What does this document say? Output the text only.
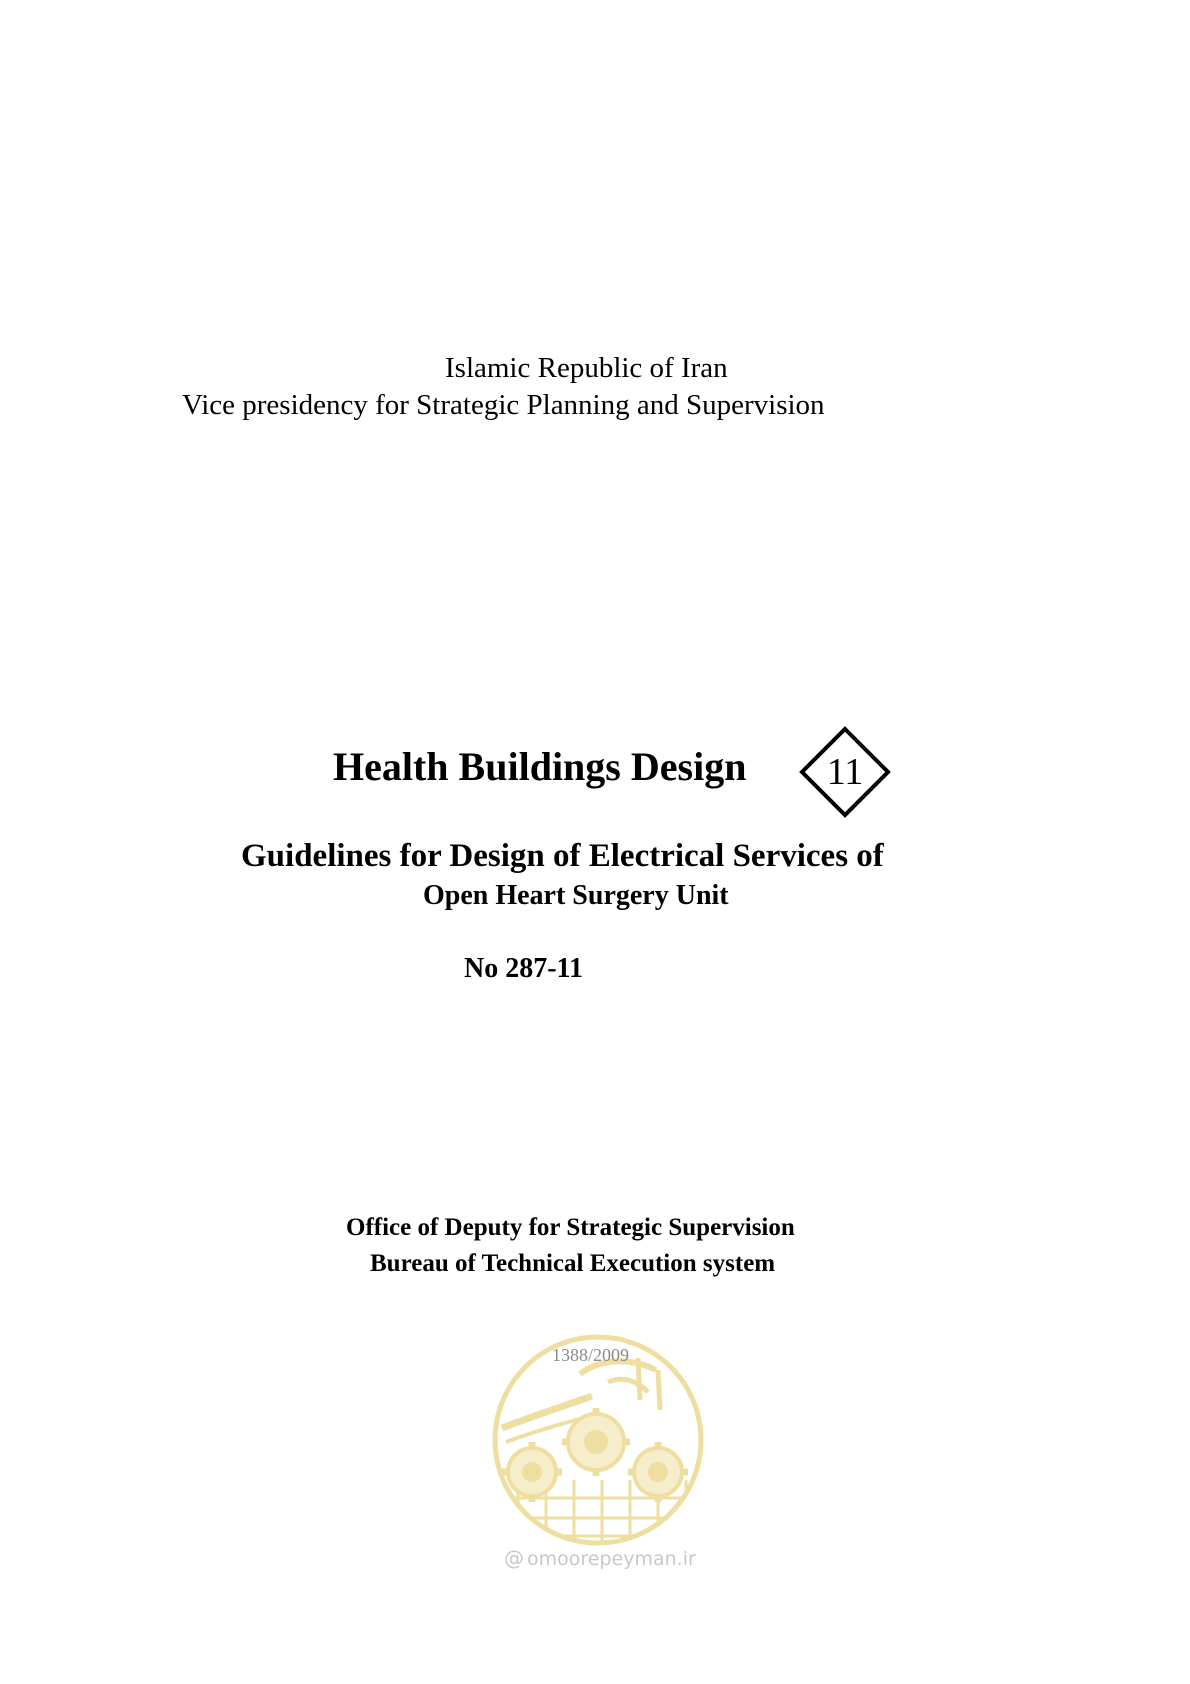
Islamic Republic of Iran
Vice presidency for Strategic Planning and Supervision
Health Buildings Design	11
Guidelines for Design of Electrical Services of
Open Heart Surgery Unit
No 287-11
Office of Deputy for Strategic Supervision
Bureau of Technical Execution system
1388/2009
@ omoorepeyman.ir
